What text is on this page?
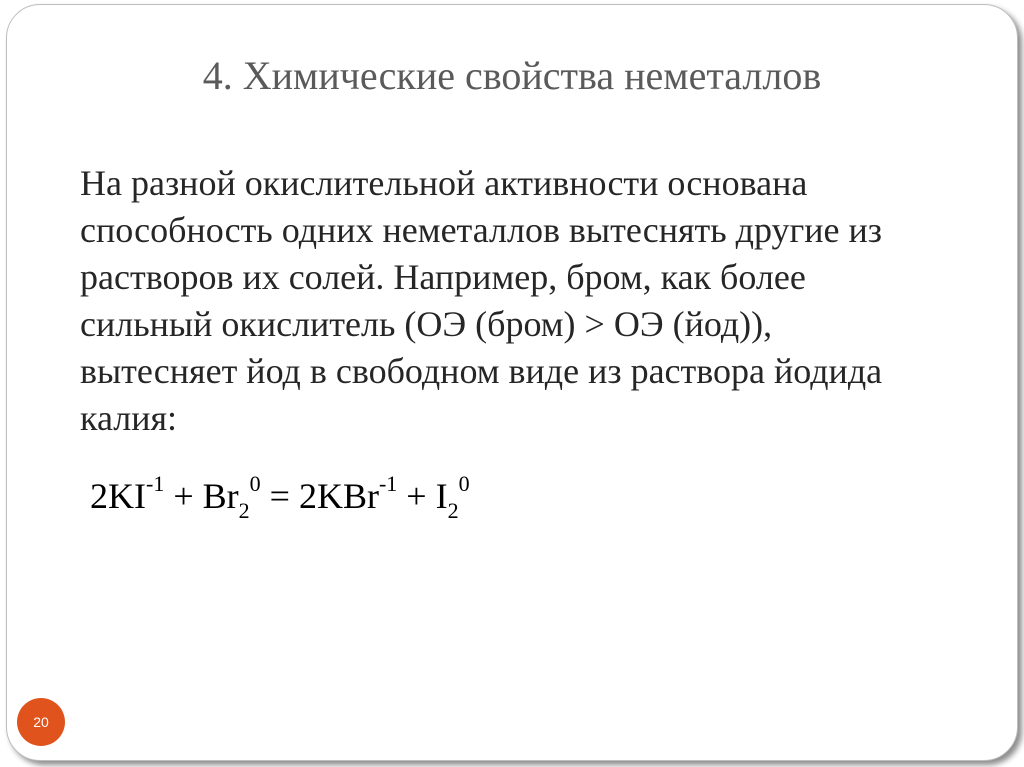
4. Химические свойства неметаллов
На разной окислительной активности основана
способность одних неметаллов вытеснять другие из
растворов их солей. Например, бром, как более
сильный окислитель (ОЭ (бром) > ОЭ (йод)),
вытесняет йод в свободном виде из раствора йодида
калия:
$2KI^{-1} + Br_2^0 = 2KBr^{-1} + I_2^0$
20
